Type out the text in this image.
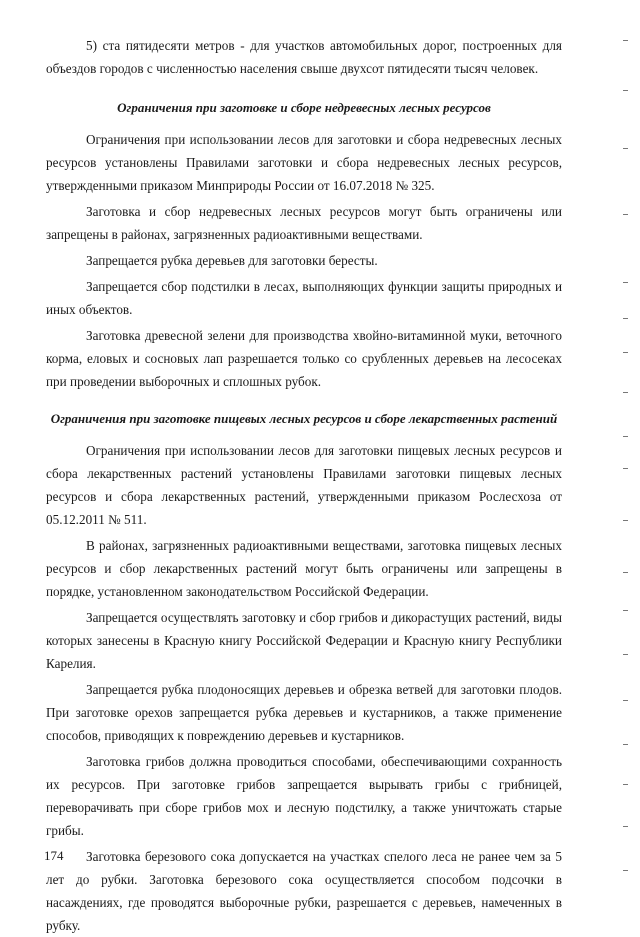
5) ста пятидесяти метров - для участков автомобильных дорог, построенных для объездов городов с численностью населения свыше двухсот пятидесяти тысяч человек.

Ограничения при заготовке и сборе недревесных лесных ресурсов

Ограничения при использовании лесов для заготовки и сбора недревесных лесных ресурсов установлены Правилами заготовки и сбора недревесных лесных ресурсов, утвержденными приказом Минприроды России от 16.07.2018 № 325.

Заготовка и сбор недревесных лесных ресурсов могут быть ограничены или запрещены в районах, загрязненных радиоактивными веществами.

Запрещается рубка деревьев для заготовки бересты.

Запрещается сбор подстилки в лесах, выполняющих функции защиты природных и иных объектов.

Заготовка древесной зелени для производства хвойно-витаминной муки, веточного корма, еловых и сосновых лап разрешается только со срубленных деревьев на лесосеках при проведении выборочных и сплошных рубок.

Ограничения при заготовке пищевых лесных ресурсов и сборе лекарственных растений

Ограничения при использовании лесов для заготовки пищевых лесных ресурсов и сбора лекарственных растений установлены Правилами заготовки пищевых лесных ресурсов и сбора лекарственных растений, утвержденными приказом Рослесхоза от 05.12.2011 № 511.

В районах, загрязненных радиоактивными веществами, заготовка пищевых лесных ресурсов и сбор лекарственных растений могут быть ограничены или запрещены в порядке, установленном законодательством Российской Федерации.

Запрещается осуществлять заготовку и сбор грибов и дикорастущих растений, виды которых занесены в Красную книгу Российской Федерации и Красную книгу Республики Карелия.

Запрещается рубка плодоносящих деревьев и обрезка ветвей для заготовки плодов. При заготовке орехов запрещается рубка деревьев и кустарников, а также применение способов, приводящих к повреждению деревьев и кустарников.

Заготовка грибов должна проводиться способами, обеспечивающими сохранность их ресурсов. При заготовке грибов запрещается вырывать грибы с грибницей, переворачивать при сборе грибов мох и лесную подстилку, а также уничтожать старые грибы.

Заготовка березового сока допускается на участках спелого леса не ранее чем за 5 лет до рубки. Заготовка березового сока осуществляется способом подсочки в насаждениях, где проводятся выборочные рубки, разрешается с деревьев, намеченных в рубку.

174
